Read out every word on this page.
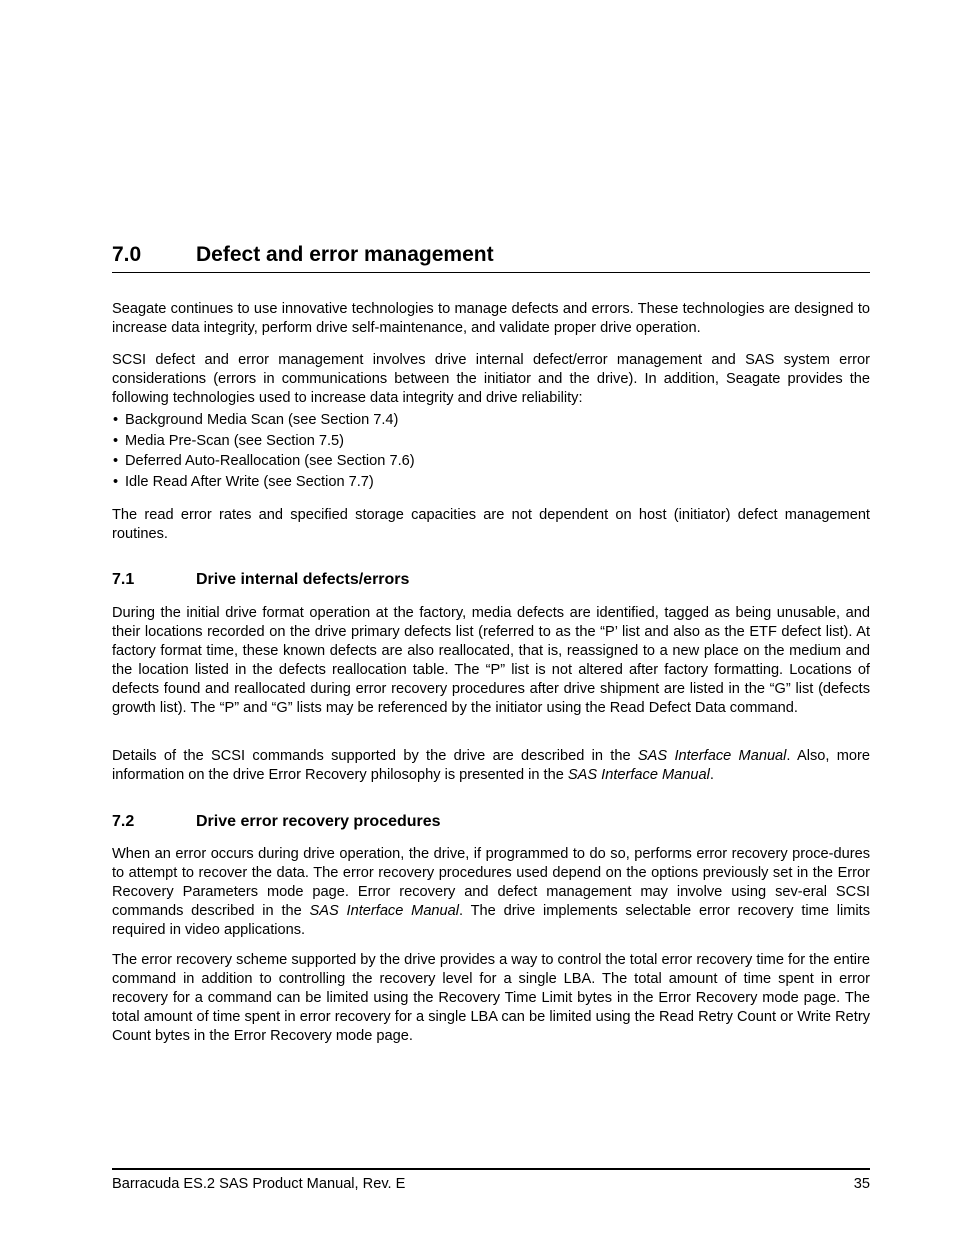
7.0	Defect and error management

Seagate continues to use innovative technologies to manage defects and errors. These technologies are designed to increase data integrity, perform drive self-maintenance, and validate proper drive operation.

SCSI defect and error management involves drive internal defect/error management and SAS system error considerations (errors in communications between the initiator and the drive). In addition, Seagate provides the following technologies used to increase data integrity and drive reliability:

• Background Media Scan (see Section 7.4)
• Media Pre-Scan (see Section 7.5)
• Deferred Auto-Reallocation (see Section 7.6)
• Idle Read After Write (see Section 7.7)

The read error rates and specified storage capacities are not dependent on host (initiator) defect management routines.

7.1	Drive internal defects/errors

During the initial drive format operation at the factory, media defects are identified, tagged as being unusable, and their locations recorded on the drive primary defects list (referred to as the “P’ list and also as the ETF defect list). At factory format time, these known defects are also reallocated, that is, reassigned to a new place on the medium and the location listed in the defects reallocation table. The “P” list is not altered after factory formatting. Locations of defects found and reallocated during error recovery procedures after drive shipment are listed in the “G” list (defects growth list). The “P” and “G” lists may be referenced by the initiator using the Read Defect Data command.

Details of the SCSI commands supported by the drive are described in the SAS Interface Manual. Also, more information on the drive Error Recovery philosophy is presented in the SAS Interface Manual.

7.2	Drive error recovery procedures

When an error occurs during drive operation, the drive, if programmed to do so, performs error recovery proce-dures to attempt to recover the data. The error recovery procedures used depend on the options previously set in the Error Recovery Parameters mode page. Error recovery and defect management may involve using sev-eral SCSI commands described in the SAS Interface Manual. The drive implements selectable error recovery time limits required in video applications.

The error recovery scheme supported by the drive provides a way to control the total error recovery time for the entire command in addition to controlling the recovery level for a single LBA. The total amount of time spent in error recovery for a command can be limited using the Recovery Time Limit bytes in the Error Recovery mode page. The total amount of time spent in error recovery for a single LBA can be limited using the Read Retry Count or Write Retry Count bytes in the Error Recovery mode page.

Barracuda ES.2 SAS Product Manual, Rev. E	35
